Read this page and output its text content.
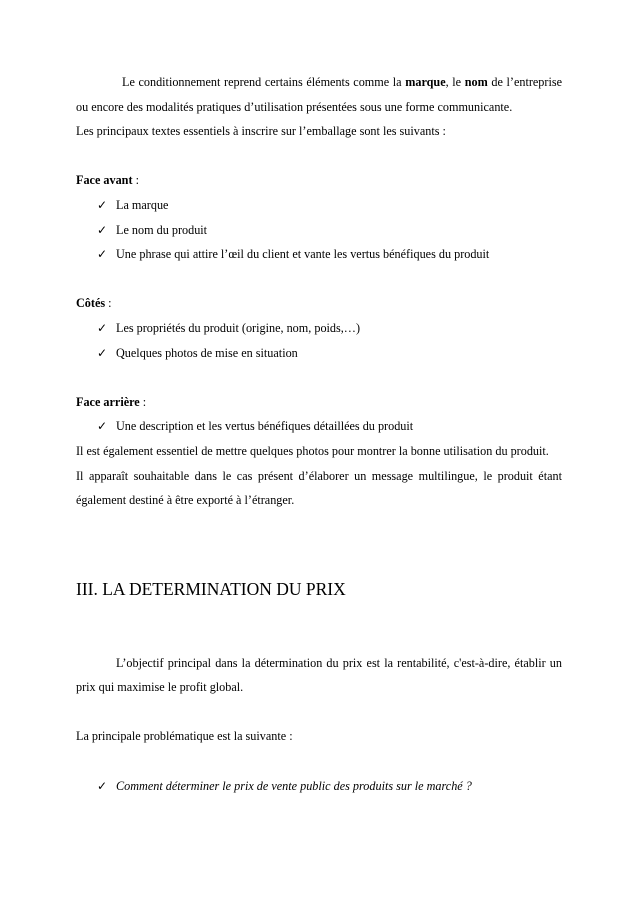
Le conditionnement reprend certains éléments comme la marque, le nom de l’entreprise ou encore des modalités pratiques d’utilisation présentées sous une forme communicante.

Les principaux textes essentiels à inscrire sur l’emballage sont les suivants :

Face avant :

✓ La marque
✓ Le nom du produit
✓ Une phrase qui attire l’œil du client et vante les vertus bénéfiques du produit

Côtés :

✓ Les propriétés du produit (origine, nom, poids,…)
✓ Quelques photos de mise en situation

Face arrière :

✓ Une description et les vertus bénéfiques détaillées du produit

Il est également essentiel de mettre quelques photos pour montrer la bonne utilisation du produit.

Il apparaît souhaitable dans le cas présent d’élaborer un message multilingue, le produit étant également destiné à être exporté à l’étranger.

III. LA DETERMINATION DU PRIX

L’objectif principal dans la détermination du prix est la rentabilité, c'est-à-dire, établir un prix qui maximise le profit global.

La principale problématique est la suivante :

✓ Comment déterminer le prix de vente public des produits sur le marché ?
